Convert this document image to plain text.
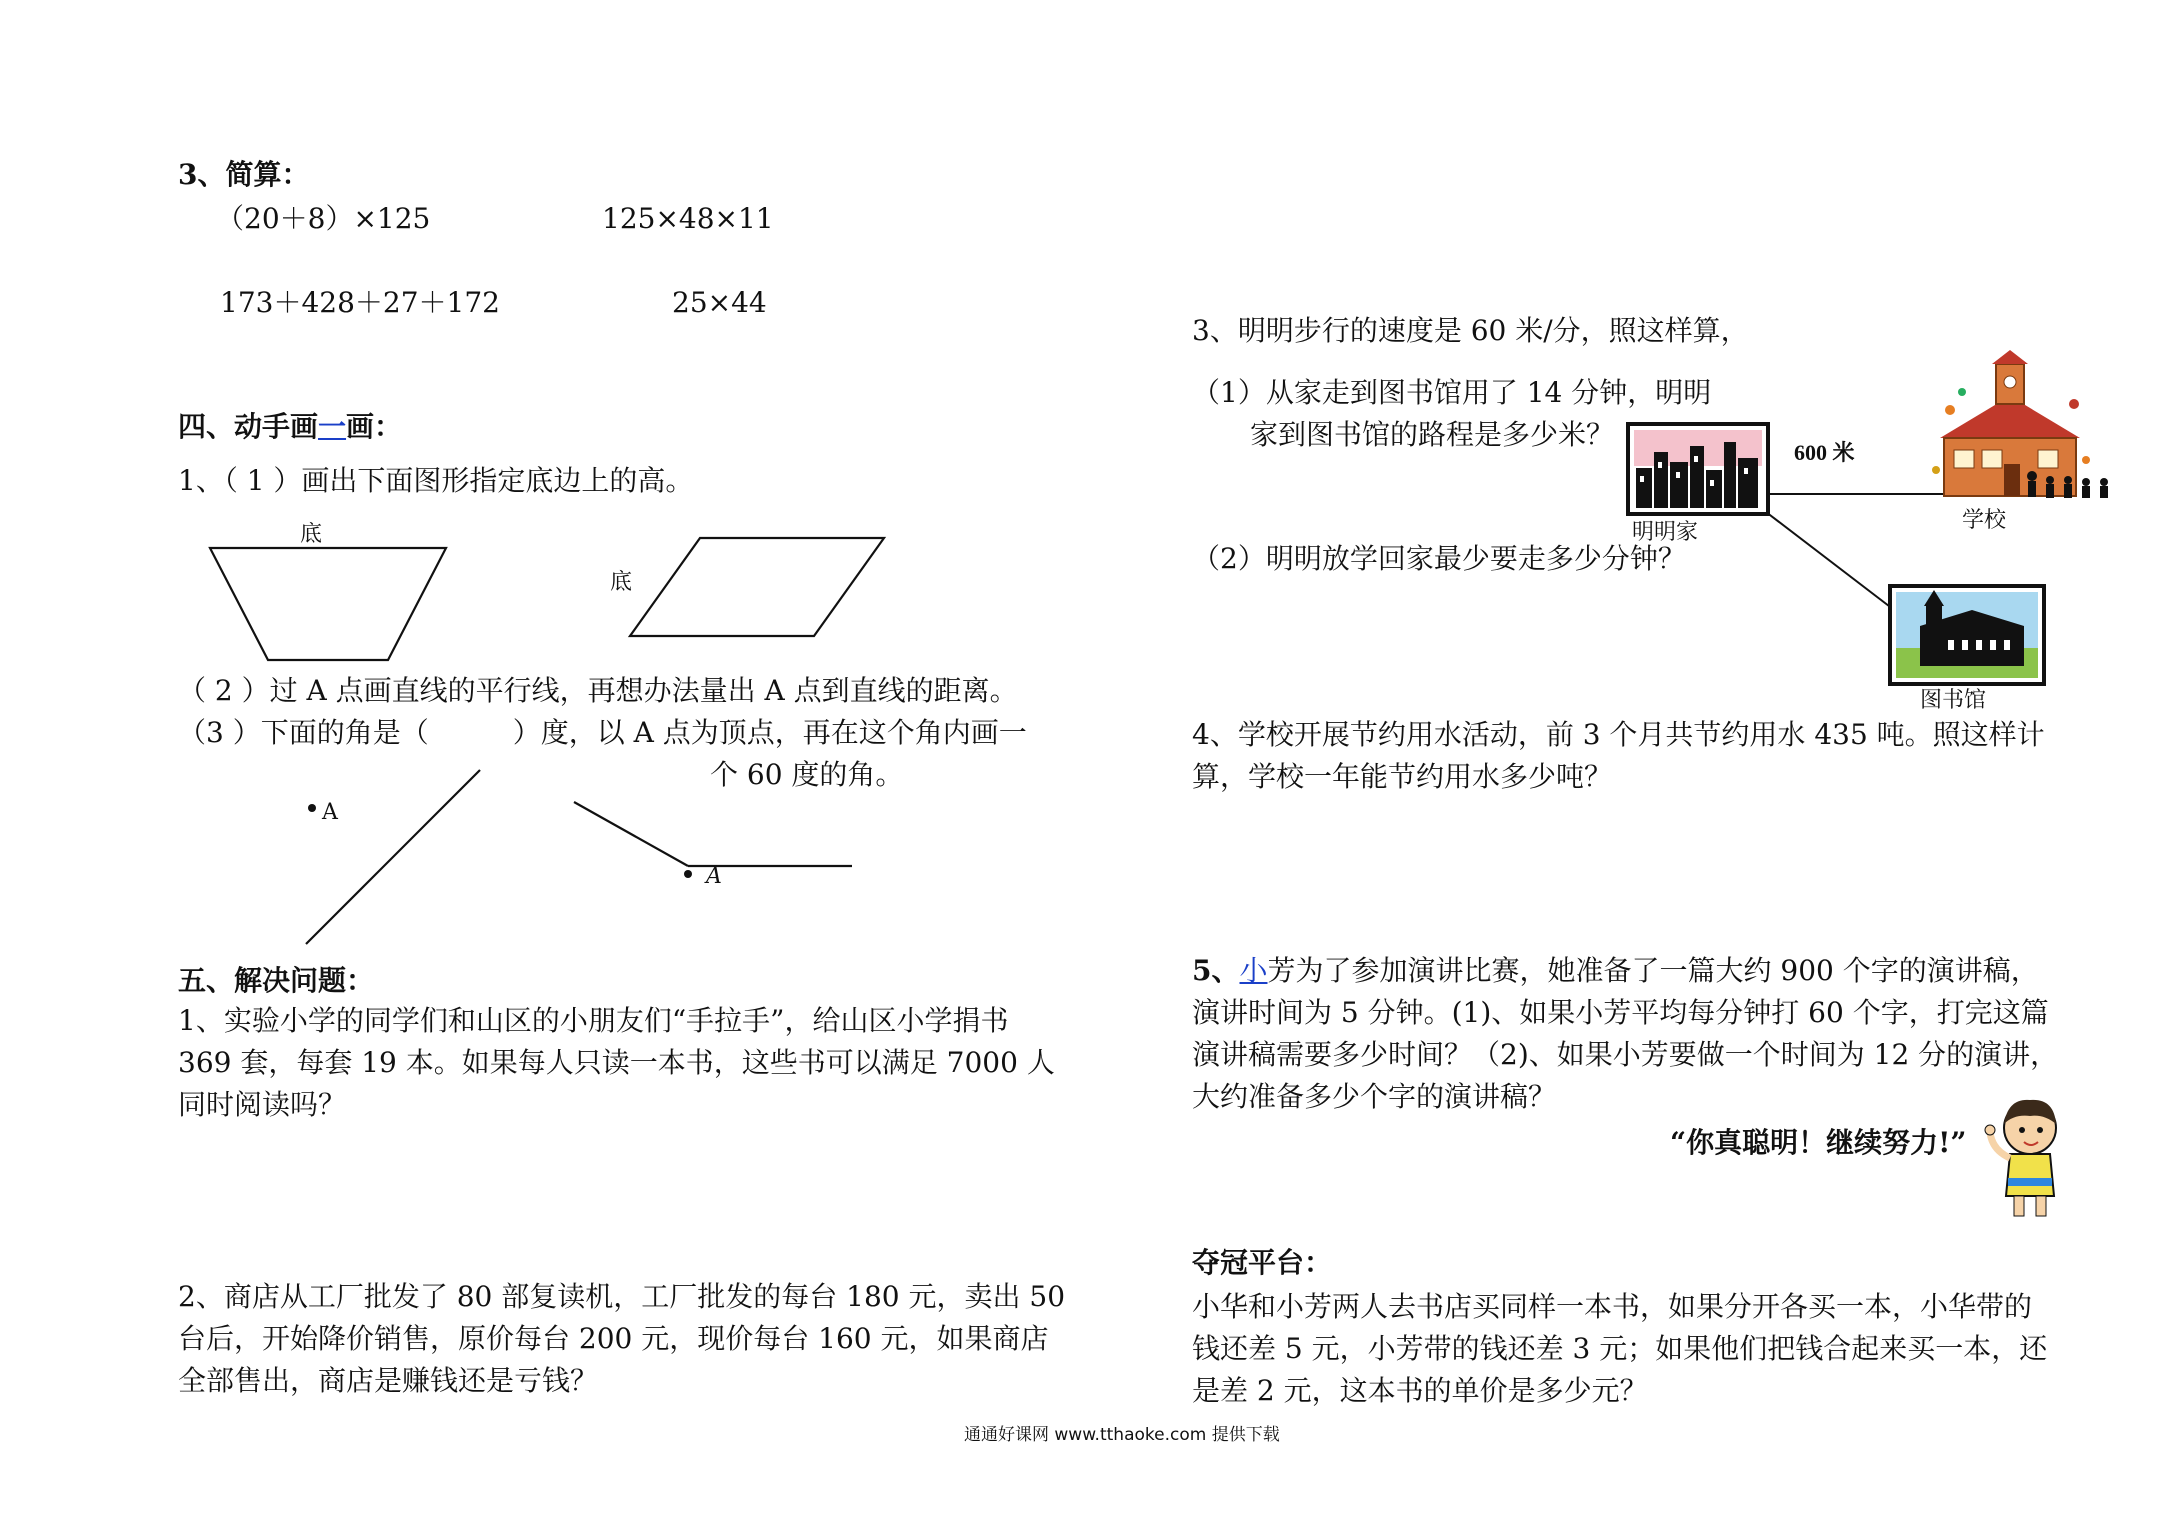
3、简算：
（20＋8）×125	125×48×11
173＋428＋27＋172	25×44
四、动手画一画：
1、（ 1 ）画出下面图形指定底边上的高。
底
底
（ 2 ）过 A 点画直线的平行线，再想办法量出 A 点到直线的距离。
（3 ）下面的角是（　　　）度，以 A 点为顶点，再在这个角内画一
个 60 度的角。
A
A
五、解决问题：
1、实验小学的同学们和山区的小朋友们“手拉手”，给山区小学捐书
369 套，每套 19 本。如果每人只读一本书，这些书可以满足 7000 人
同时阅读吗？
2、商店从工厂批发了 80 部复读机，工厂批发的每台 180 元，卖出 50
台后，开始降价销售，原价每台 200 元，现价每台 160 元，如果商店
全部售出，商店是赚钱还是亏钱？
3、明明步行的速度是 60 米/分，照这样算，
（1）从家走到图书馆用了 14 分钟，明明
家到图书馆的路程是多少米？
（2）明明放学回家最少要走多少分钟？
600 米
明明家	学校
图书馆
4、学校开展节约用水活动，前 3 个月共节约用水 435 吨。照这样计
算，学校一年能节约用水多少吨？
5、小芳为了参加演讲比赛，她准备了一篇大约 900 个字的演讲稿，
演讲时间为 5 分钟。(1)、如果小芳平均每分钟打 60 个字，打完这篇
演讲稿需要多少时间？（2)、如果小芳要做一个时间为 12 分的演讲，
大约准备多少个字的演讲稿？
“你真聪明！继续努力!”
夺冠平台：
小华和小芳两人去书店买同样一本书，如果分开各买一本，小华带的
钱还差 5 元，小芳带的钱还差 3 元；如果他们把钱合起来买一本，还
是差 2 元，这本书的单价是多少元？
通通好课网 www.tthaoke.com 提供下载
